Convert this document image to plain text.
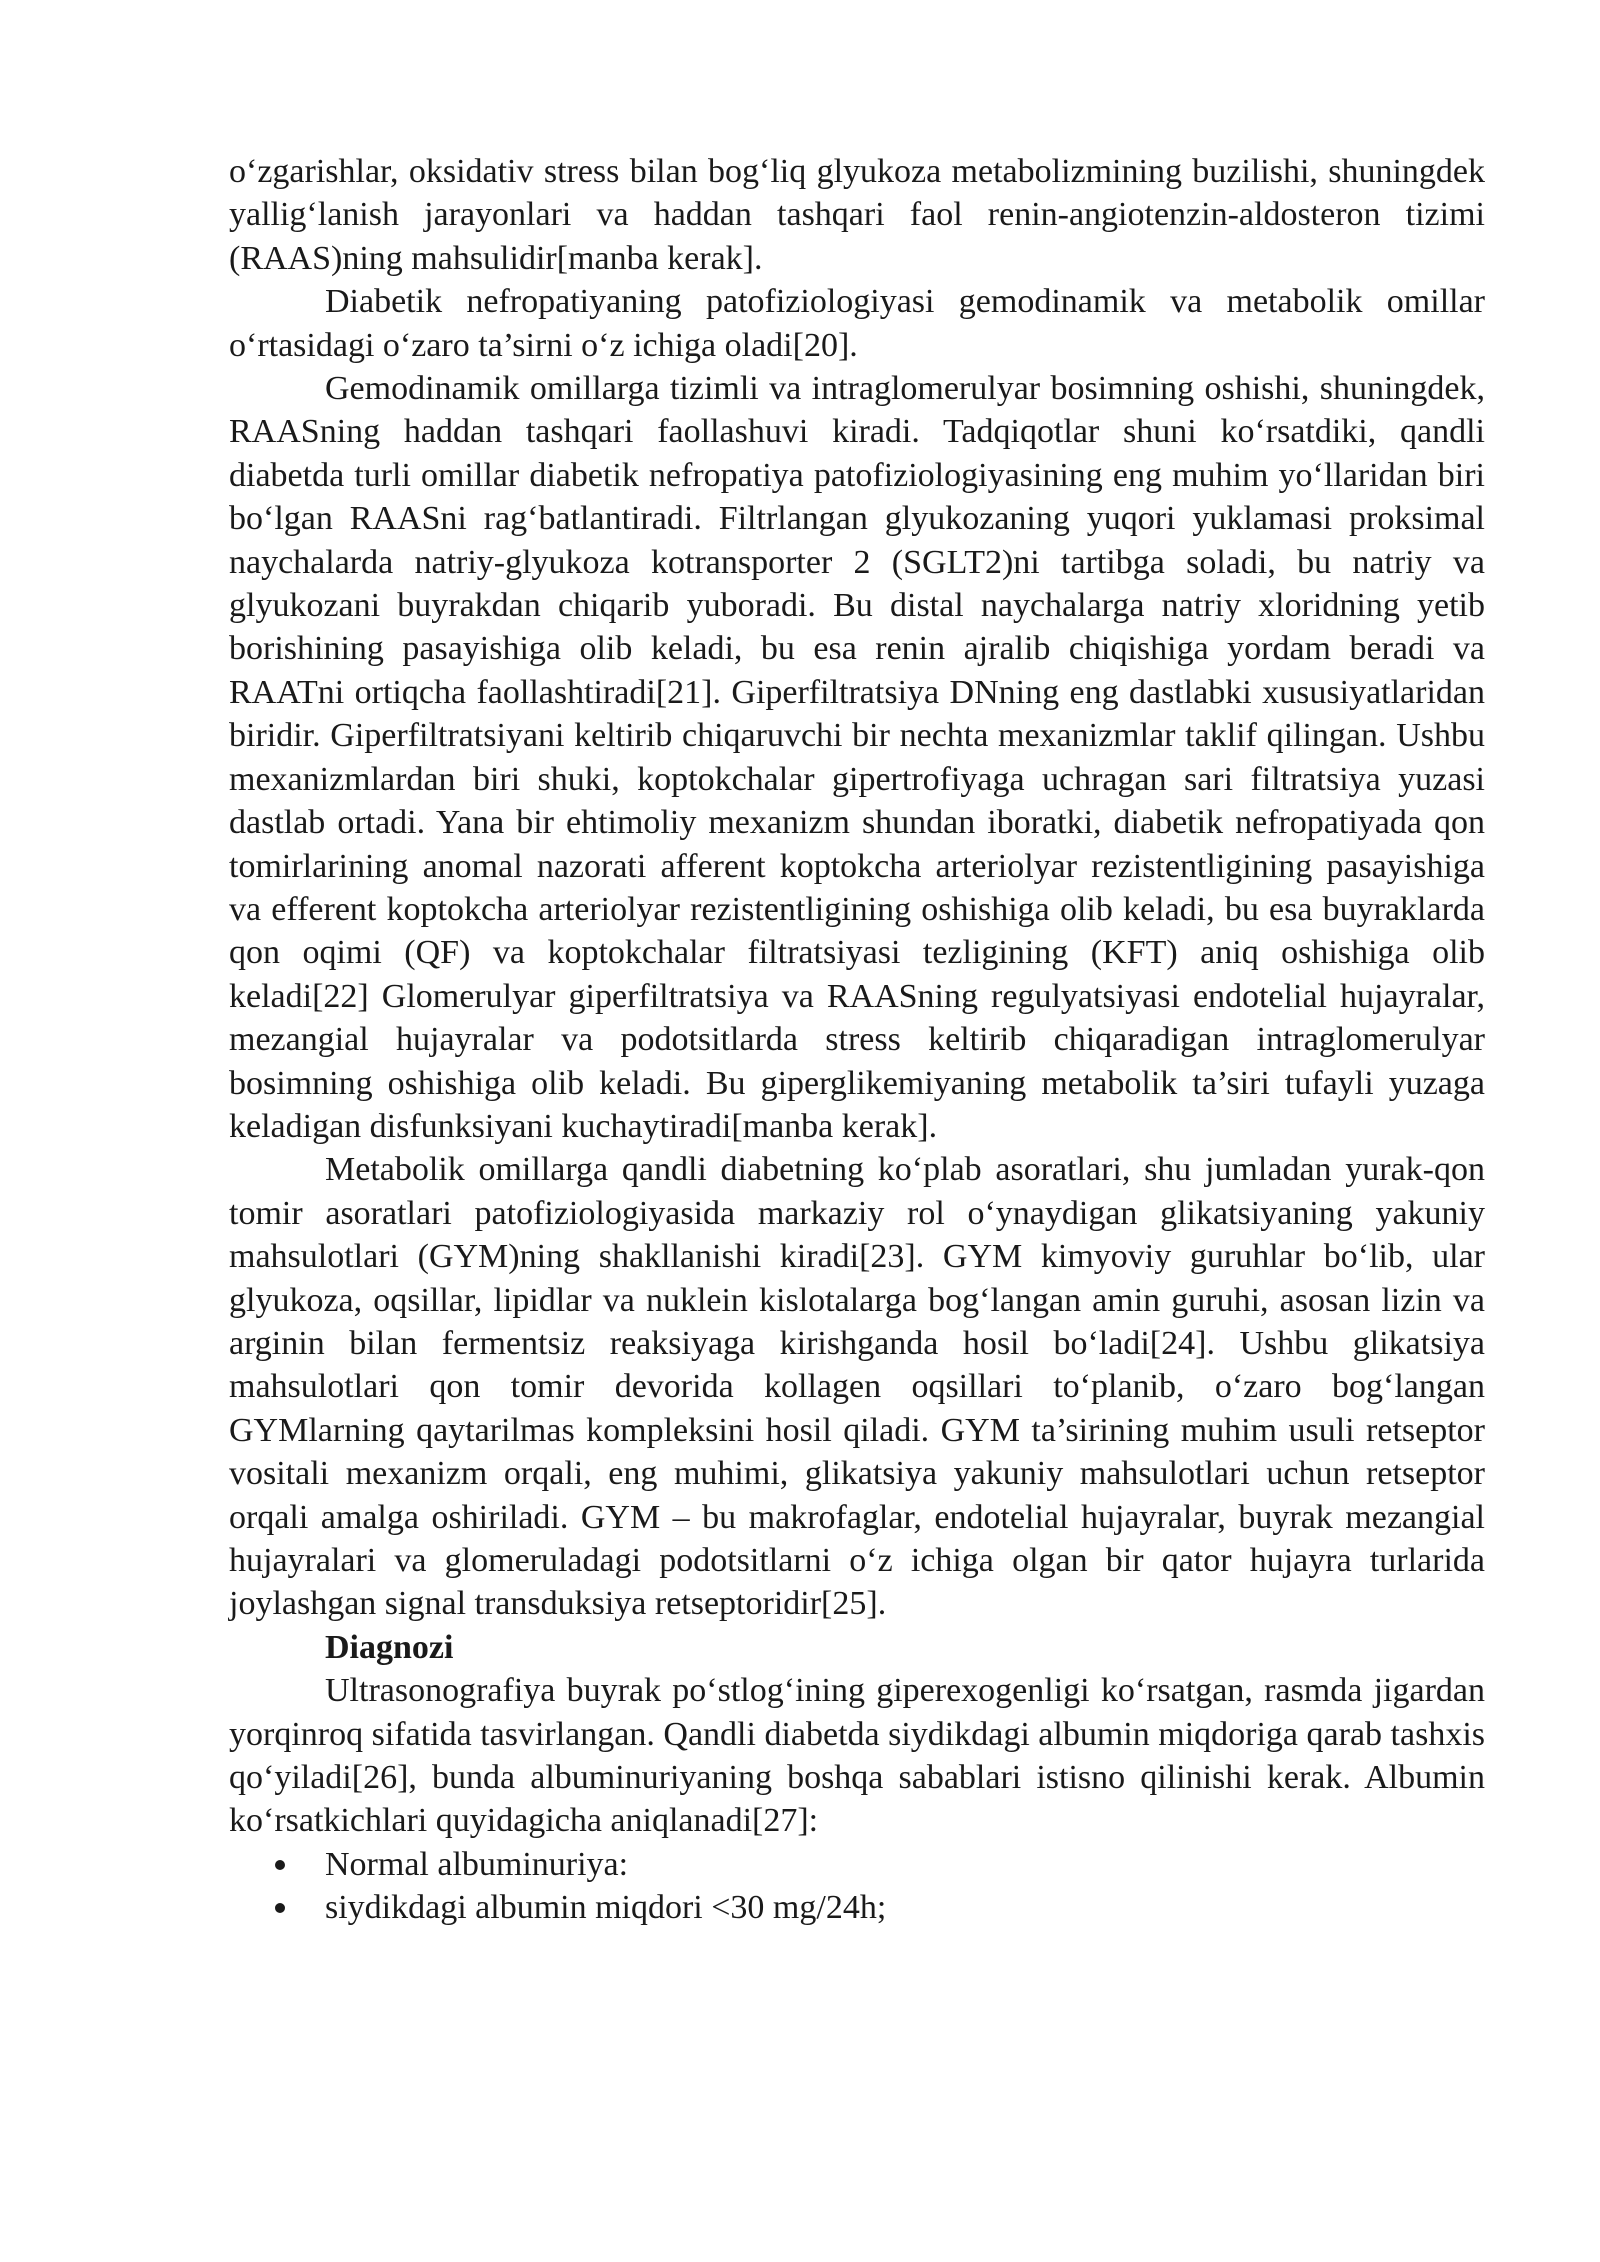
o‘zgarishlar, oksidativ stress bilan bog‘liq glyukoza metabolizmining buzilishi, shuningdek yallig‘lanish jarayonlari va haddan tashqari faol renin-angiotenzin-aldosteron tizimi (RAAS)ning mahsulidir[manba kerak].

Diabetik nefropatiyaning patofiziologiyasi gemodinamik va metabolik omillar o‘rtasidagi o‘zaro ta’sirni o‘z ichiga oladi[20].

Gemodinamik omillarga tizimli va intraglomerulyar bosimning oshishi, shuningdek, RAASning haddan tashqari faollashuvi kiradi. Tadqiqotlar shuni ko‘rsatdiki, qandli diabetda turli omillar diabetik nefropatiya patofiziologiyasining eng muhim yo‘llaridan biri bo‘lgan RAASni rag‘batlantiradi. Filtrlangan glyukozaning yuqori yuklamasi proksimal naychalarda natriy-glyukoza kotransporter 2 (SGLT2)ni tartibga soladi, bu natriy va glyukozani buyrakdan chiqarib yuboradi. Bu distal naychalarga natriy xloridning yetib borishining pasayishiga olib keladi, bu esa renin ajralib chiqishiga yordam beradi va RAATni ortiqcha faollashtiradi[21]. Giperfiltratsiya DNning eng dastlabki xususiyatlaridan biridir. Giperfiltratsiyani keltirib chiqaruvchi bir nechta mexanizmlar taklif qilingan. Ushbu mexanizmlardan biri shuki, koptokchalar gipertrofiyaga uchragan sari filtratsiya yuzasi dastlab ortadi. Yana bir ehtimoliy mexanizm shundan iboratki, diabetik nefropatiyada qon tomirlarining anomal nazorati afferent koptokcha arteriolyar rezistentligining pasayishiga va efferent koptokcha arteriolyar rezistentligining oshishiga olib keladi, bu esa buyraklarda qon oqimi (QF) va koptokchalar filtratsiyasi tezligining (KFT) aniq oshishiga olib keladi[22] Glomerulyar giperfiltratsiya va RAASning regulyatsiyasi endotelial hujayralar, mezangial hujayralar va podotsitlarda stress keltirib chiqaradigan intraglomerulyar bosimning oshishiga olib keladi. Bu giperglikemiyaning metabolik ta’siri tufayli yuzaga keladigan disfunksiyani kuchaytiradi[manba kerak].

Metabolik omillarga qandli diabetning ko‘plab asoratlari, shu jumladan yurak-qon tomir asoratlari patofiziologiyasida markaziy rol o‘ynaydigan glikatsiyaning yakuniy mahsulotlari (GYM)ning shakllanishi kiradi[23]. GYM kimyoviy guruhlar bo‘lib, ular glyukoza, oqsillar, lipidlar va nuklein kislotalarga bog‘langan amin guruhi, asosan lizin va arginin bilan fermentsiz reaksiyaga kirishganda hosil bo‘ladi[24]. Ushbu glikatsiya mahsulotlari qon tomir devorida kollagen oqsillari to‘planib, o‘zaro bog‘langan GYMlarning qaytarilmas kompleksini hosil qiladi. GYM ta’sirining muhim usuli retseptor vositali mexanizm orqali, eng muhimi, glikatsiya yakuniy mahsulotlari uchun retseptor orqali amalga oshiriladi. GYM – bu makrofaglar, endotelial hujayralar, buyrak mezangial hujayralari va glomeruladagi podotsitlarni o‘z ichiga olgan bir qator hujayra turlarida joylashgan signal transduksiya retseptoridir[25].

Diagnozi

Ultrasonografiya buyrak po‘stlog‘ining giperexogenligi ko‘rsatgan, rasmda jigardan yorqinroq sifatida tasvirlangan. Qandli diabetda siydikdagi albumin miqdoriga qarab tashxis qo‘yiladi[26], bunda albuminuriyaning boshqa sabablari istisno qilinishi kerak. Albumin ko‘rsatkichlari quyidagicha aniqlanadi[27]:

Normal albuminuriya:
siydikdagi albumin miqdori <30 mg/24h;
